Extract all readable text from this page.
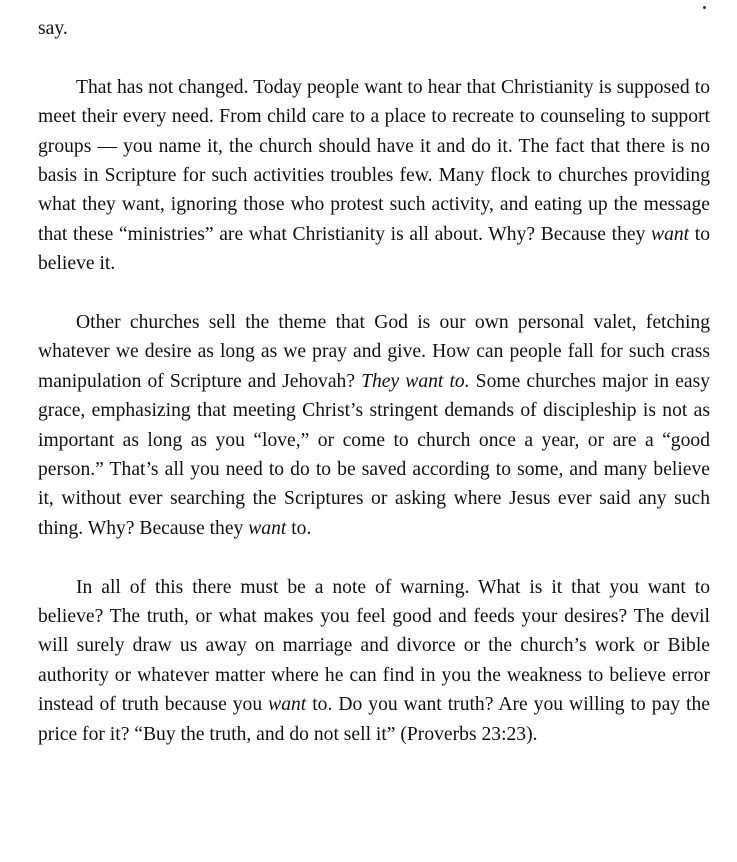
say.

That has not changed. Today people want to hear that Christianity is supposed to meet their every need. From child care to a place to recreate to counseling to support groups — you name it, the church should have it and do it. The fact that there is no basis in Scripture for such activities troubles few. Many flock to churches providing what they want, ignoring those who protest such activity, and eating up the message that these “ministries” are what Christianity is all about. Why? Because they want to believe it.

Other churches sell the theme that God is our own personal valet, fetching whatever we desire as long as we pray and give. How can people fall for such crass manipulation of Scripture and Jehovah? They want to. Some churches major in easy grace, emphasizing that meeting Christ’s stringent demands of discipleship is not as important as long as you “love,” or come to church once a year, or are a “good person.” That’s all you need to do to be saved according to some, and many believe it, without ever searching the Scriptures or asking where Jesus ever said any such thing. Why? Because they want to.

In all of this there must be a note of warning. What is it that you want to believe? The truth, or what makes you feel good and feeds your desires? The devil will surely draw us away on marriage and divorce or the church’s work or Bible authority or whatever matter where he can find in you the weakness to believe error instead of truth because you want to. Do you want truth? Are you willing to pay the price for it? “Buy the truth, and do not sell it” (Proverbs 23:23).
